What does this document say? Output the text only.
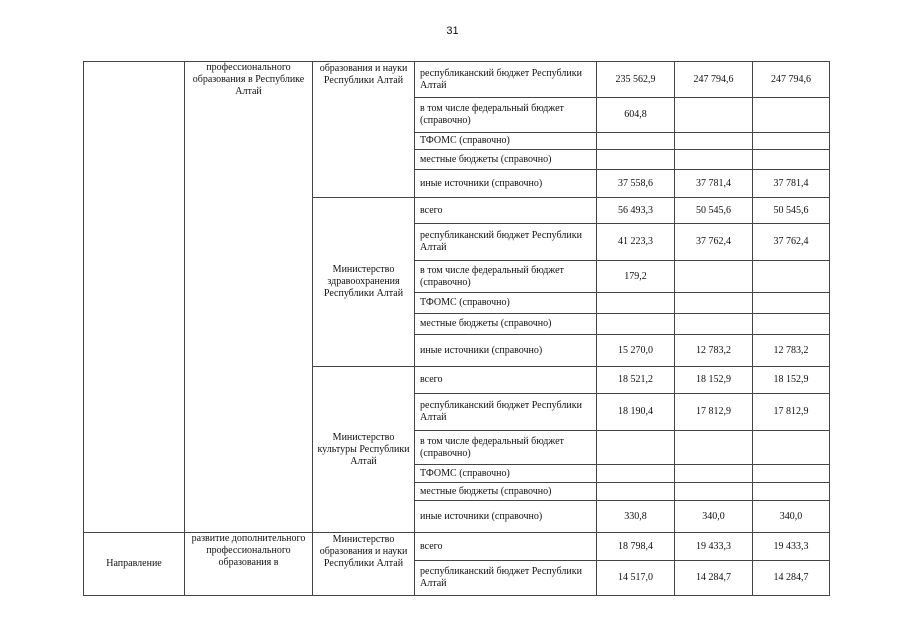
31
	профессионального образования в Республике Алтай	образования и науки Республики Алтай	республиканский бюджет Республики Алтай	235 562,9	247 794,6	247 794,6
			в том числе федеральный бюджет (справочно)	604,8		
			ТФОМС (справочно)			
			местные бюджеты (справочно)			
			иные источники (справочно)	37 558,6	37 781,4	37 781,4
		Министерство здравоохранения Республики Алтай	всего	56 493,3	50 545,6	50 545,6
			республиканский бюджет Республики Алтай	41 223,3	37 762,4	37 762,4
			в том числе федеральный бюджет (справочно)	179,2		
			ТФОМС (справочно)			
			местные бюджеты (справочно)			
			иные источники (справочно)	15 270,0	12 783,2	12 783,2
		Министерство культуры Республики Алтай	всего	18 521,2	18 152,9	18 152,9
			республиканский бюджет Республики Алтай	18 190,4	17 812,9	17 812,9
			в том числе федеральный бюджет (справочно)			
			ТФОМС (справочно)			
			местные бюджеты (справочно)			
			иные источники (справочно)	330,8	340,0	340,0
Направление	развитие дополнительного профессионального образования в	Министерство образования и науки Республики Алтай	всего	18 798,4	19 433,3	19 433,3
			республиканский бюджет Республики Алтай	14 517,0	14 284,7	14 284,7
